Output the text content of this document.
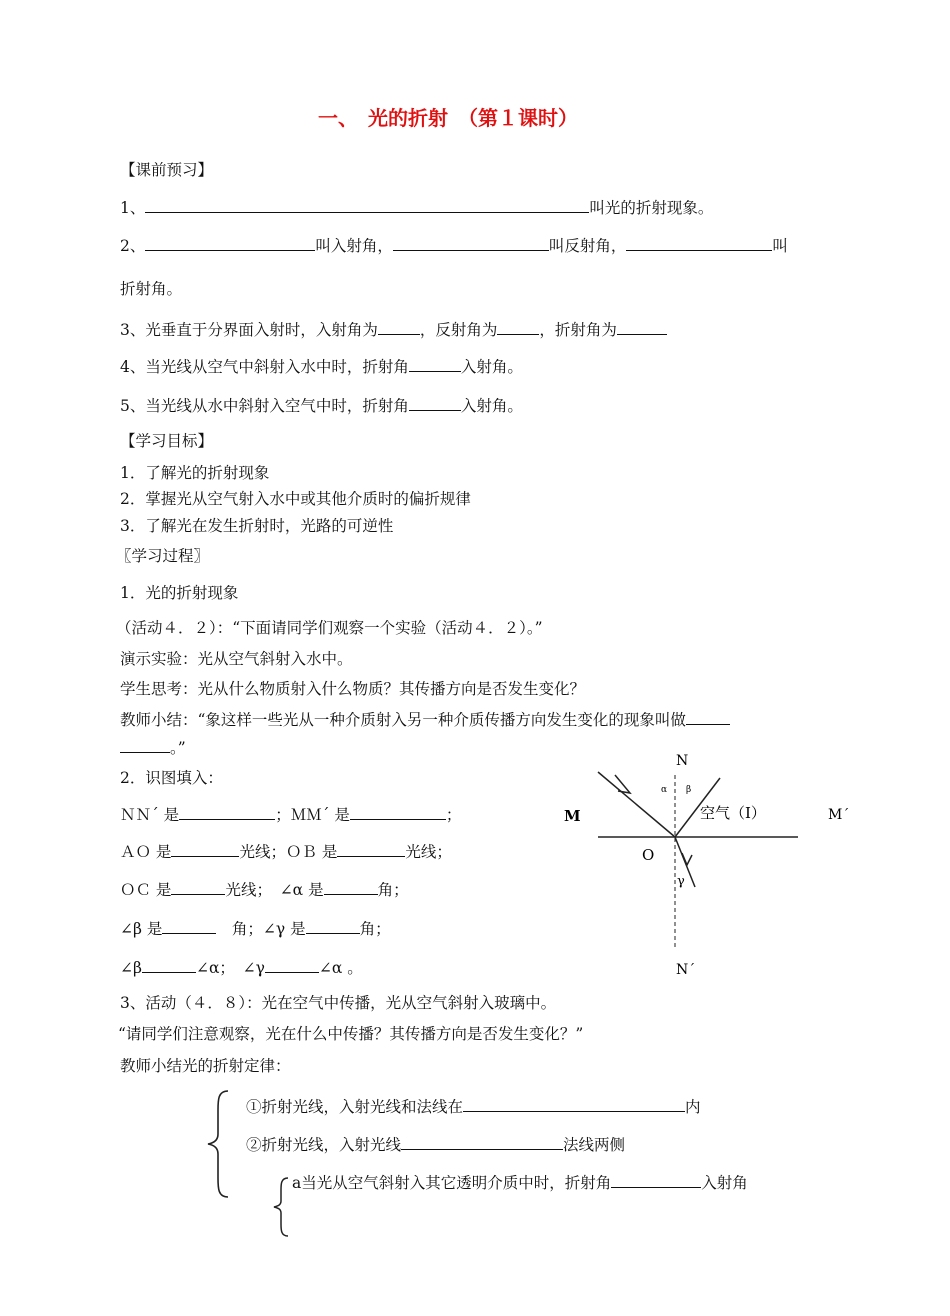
一、　光的折射　（第１课时）
【课前预习】
1、	叫光的折射现象。
2、	叫入射角，	叫反射角，	叫
折射角。
3、光垂直于分界面入射时，入射角为	，反射角为	，折射角为
4、当光线从空气中斜射入水中时，折射角	入射角。
5、当光线从水中斜射入空气中时，折射角	入射角。
【学习目标】
1．了解光的折射现象
2．掌握光从空气射入水中或其他介质时的偏折规律
3．了解光在发生折射时，光路的可逆性
〖学习过程〗
1．光的折射现象
（活动４．２）：“下面请同学们观察一个实验（活动４．２）。”
演示实验：光从空气斜射入水中。
学生思考：光从什么物质射入什么物质？其传播方向是否发生变化？
教师小结：“象这样一些光从一种介质射入另一种介质传播方向发生变化的现象叫做
。”
2．识图填入：
ＮＮ´ 是	；ＭＭ´ 是	；
ＡＯ 是	光线；ＯＢ 是	光线；
ＯＣ 是	光线；　∠α 是	角；
∠β 是	　角；∠γ 是	角；
∠β	∠α；　∠γ	∠α 。
α β
N
N´
M	M´
O
空气（Ⅰ）
γ
3、活动（４．８）：光在空气中传播，光从空气斜射入玻璃中。
“请同学们注意观察，光在什么中传播？其传播方向是否发生变化？”
教师小结光的折射定律：
①折射光线，入射光线和法线在	内
②折射光线，入射光线	法线两侧
a当光从空气斜射入其它透明介质中时，折射角	入射角
